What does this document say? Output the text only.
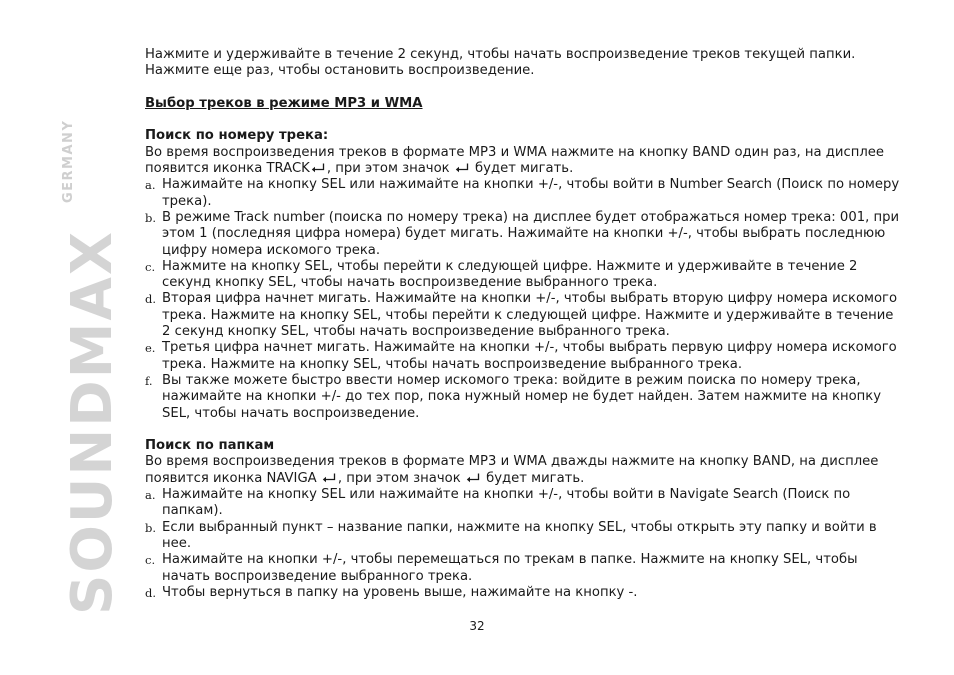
SOUNDMAX
GERMANY

Нажмите и удерживайте в течение 2 секунд, чтобы начать воспроизведение треков текущей папки.

Нажмите еще раз, чтобы остановить воспроизведение.

Выбор треков в режиме MP3 и WMA

Поиск по номеру трека:

Во время воспроизведения треков в формате MP3 и WMA нажмите на кнопку BAND один раз, на дисплее появится иконка TRACK , при этом значок будет мигать.

a. Нажимайте на кнопку SEL или нажимайте на кнопки +/-, чтобы войти в Number Search (Поиск по номеру трека).
b. В режиме Track number (поиска по номеру трека) на дисплее будет отображаться номер трека: 001, при этом 1 (последняя цифра номера) будет мигать. Нажимайте на кнопки +/-, чтобы выбрать последнюю цифру номера искомого трека.
c. Нажмите на кнопку SEL, чтобы перейти к следующей цифре. Нажмите и удерживайте в течение 2 секунд кнопку SEL, чтобы начать воспроизведение выбранного трека.
d. Вторая цифра начнет мигать. Нажимайте на кнопки +/-, чтобы выбрать вторую цифру номера искомого трека. Нажмите на кнопку SEL, чтобы перейти к следующей цифре. Нажмите и удерживайте в течение 2 секунд кнопку SEL, чтобы начать воспроизведение выбранного трека.
e. Третья цифра начнет мигать. Нажимайте на кнопки +/-, чтобы выбрать первую цифру номера искомого трека. Нажмите на кнопку SEL, чтобы начать воспроизведение выбранного трека.
f. Вы также можете быстро ввести номер искомого трека: войдите в режим поиска по номеру трека, нажимайте на кнопки +/- до тех пор, пока нужный номер не будет найден. Затем нажмите на кнопку SEL, чтобы начать воспроизведение.

Поиск по папкам

Во время воспроизведения треков в формате MP3 и WMA дважды нажмите на кнопку BAND, на дисплее появится иконка NAVIGA , при этом значок будет мигать.

a. Нажимайте на кнопку SEL или нажимайте на кнопки +/-, чтобы войти в Navigate Search (Поиск по папкам).
b. Если выбранный пункт – название папки, нажмите на кнопку SEL, чтобы открыть эту папку и войти в нее.
c. Нажимайте на кнопки +/-, чтобы перемещаться по трекам в папке. Нажмите на кнопку SEL, чтобы начать воспроизведение выбранного трека.
d. Чтобы вернуться в папку на уровень выше, нажимайте на кнопку -.
32
